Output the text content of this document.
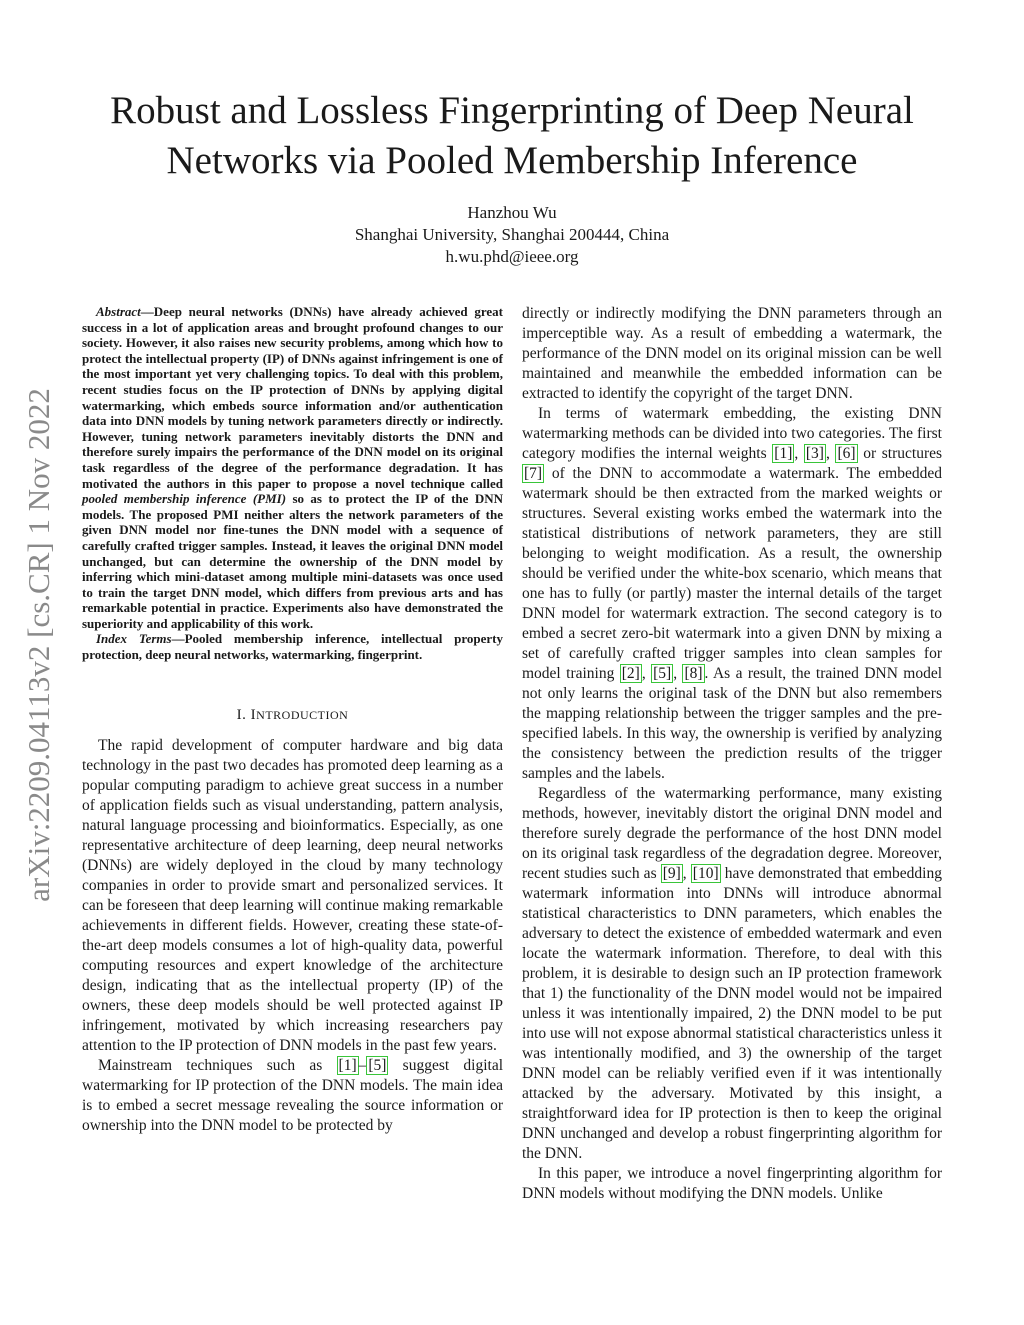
Robust and Lossless Fingerprinting of Deep Neural
Networks via Pooled Membership Inference
Hanzhou Wu
Shanghai University, Shanghai 200444, China
h.wu.phd@ieee.org
arXiv:2209.04113v2 [cs.CR] 1 Nov 2022

Abstract—Deep neural networks (DNNs) have already achieved great success in a lot of application areas and brought profound changes to our society. However, it also raises new security problems, among which how to protect the intellectual property (IP) of DNNs against infringement is one of the most important yet very challenging topics. To deal with this problem, recent studies focus on the IP protection of DNNs by applying digital watermarking, which embeds source information and/or authentication data into DNN models by tuning network parameters directly or indirectly. However, tuning network parameters inevitably distorts the DNN and therefore surely impairs the performance of the DNN model on its original task regardless of the degree of the performance degradation. It has motivated the authors in this paper to propose a novel technique called pooled membership inference (PMI) so as to protect the IP of the DNN models. The proposed PMI neither alters the network parameters of the given DNN model nor fine-tunes the DNN model with a sequence of carefully crafted trigger samples. Instead, it leaves the original DNN model unchanged, but can determine the ownership of the DNN model by inferring which mini-dataset among multiple mini-datasets was once used to train the target DNN model, which differs from previous arts and has remarkable potential in practice. Experiments also have demonstrated the superiority and applicability of this work.

Index Terms—Pooled membership inference, intellectual property protection, deep neural networks, watermarking, fingerprint.

I. INTRODUCTION

The rapid development of computer hardware and big data technology in the past two decades has promoted deep learning as a popular computing paradigm to achieve great success in a number of application fields such as visual understanding, pattern analysis, natural language processing and bioinformatics. Especially, as one representative architecture of deep learning, deep neural networks (DNNs) are widely deployed in the cloud by many technology companies in order to provide smart and personalized services. It can be foreseen that deep learning will continue making remarkable achievements in different fields. However, creating these state-of-the-art deep models consumes a lot of high-quality data, powerful computing resources and expert knowledge of the architecture design, indicating that as the intellectual property (IP) of the owners, these deep models should be well protected against IP infringement, motivated by which increasing researchers pay attention to the IP protection of DNN models in the past few years.

Mainstream techniques such as [1] – [5] suggest digital watermarking for IP protection of the DNN models. The main idea is to embed a secret message revealing the source information or ownership into the DNN model to be protected by

directly or indirectly modifying the DNN parameters through an imperceptible way. As a result of embedding a watermark, the performance of the DNN model on its original mission can be well maintained and meanwhile the embedded information can be extracted to identify the copyright of the target DNN.

In terms of watermark embedding, the existing DNN watermarking methods can be divided into two categories. The first category modifies the internal weights [1] , [3] , [6] or structures [7] of the DNN to accommodate a watermark. The embedded watermark should be then extracted from the marked weights or structures. Several existing works embed the watermark into the statistical distributions of network parameters, they are still belonging to weight modification. As a result, the ownership should be verified under the white-box scenario, which means that one has to fully (or partly) master the internal details of the target DNN model for watermark extraction. The second category is to embed a secret zero-bit watermark into a given DNN by mixing a set of carefully crafted trigger samples into clean samples for model training [2] , [5] , [8] . As a result, the trained DNN model not only learns the original task of the DNN but also remembers the mapping relationship between the trigger samples and the pre-specified labels. In this way, the ownership is verified by analyzing the consistency between the prediction results of the trigger samples and the labels.

Regardless of the watermarking performance, many existing methods, however, inevitably distort the original DNN model and therefore surely degrade the performance of the host DNN model on its original task regardless of the degradation degree. Moreover, recent studies such as [9] , [10] have demonstrated that embedding watermark information into DNNs will introduce abnormal statistical characteristics to DNN parameters, which enables the adversary to detect the existence of embedded watermark and even locate the watermark information. Therefore, to deal with this problem, it is desirable to design such an IP protection framework that 1) the functionality of the DNN model would not be impaired unless it was intentionally impaired, 2) the DNN model to be put into use will not expose abnormal statistical characteristics unless it was intentionally modified, and 3) the ownership of the target DNN model can be reliably verified even if it was intentionally attacked by the adversary. Motivated by this insight, a straightforward idea for IP protection is then to keep the original DNN unchanged and develop a robust fingerprinting algorithm for the DNN.

In this paper, we introduce a novel fingerprinting algorithm for DNN models without modifying the DNN models. Unlike
